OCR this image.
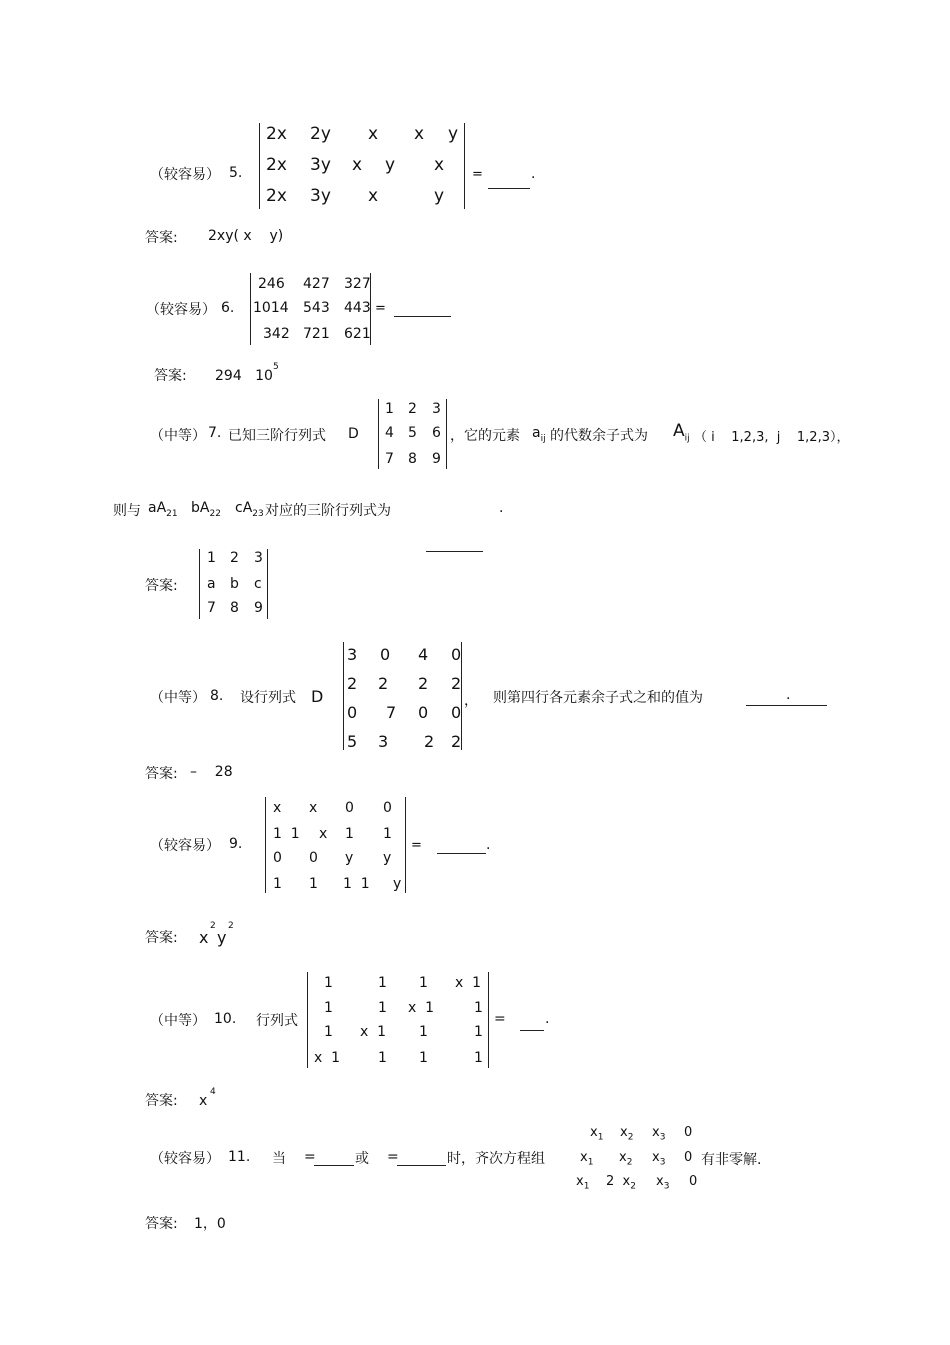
（较容易） 5.
2x 2y x x y
2x 3y x y x
2x 3y x	y
=	.
答案: 2xy( x    y)
（较容易） 6.
246 427 327
1014 543 443
342 721 621
=
答案: 294   10
5
（中等） 7. 已知三阶行列式 D
1 2 3
4 5 6
7 8 9
，它的元素 $a_{ij}$ 的代数余子式为 $A_{ij}$ （ i    1,2,3,  j    1,2,3），
则与 $aA_{21}$ $bA_{22}$ $cA_{23}$ 对应的三阶行列式为	.
答案:
1 2 3
a b c
7 8 9
（中等） 8. 设行列式 D
3 0 4 0
2 2 2 2
0 7 0 0
5 3 2 2
， 则第四行各元素余子式之和的值为	.
答案: –    28
（较容易） 9.
x x 0 0
1  1 x 1 1
0 0 y y
1 1 1  1 y
=	.
答案: x
2
y
2
（中等） 10. 行列式
1	1 1 x  1
1	1 x  1	1
1 x  1 1	1
x  1	1 1	1
=	.
答案: x
4
（较容易） 11. 当 =	或 =	时，齐次方程组
$x_1$ $x_2$ $x_3$ 0
$x_1$ $x_2$ $x_3$ 0
$x_1$ 2  $x_2$ $x_3$ 0
有非零解.
答案: 1，0
